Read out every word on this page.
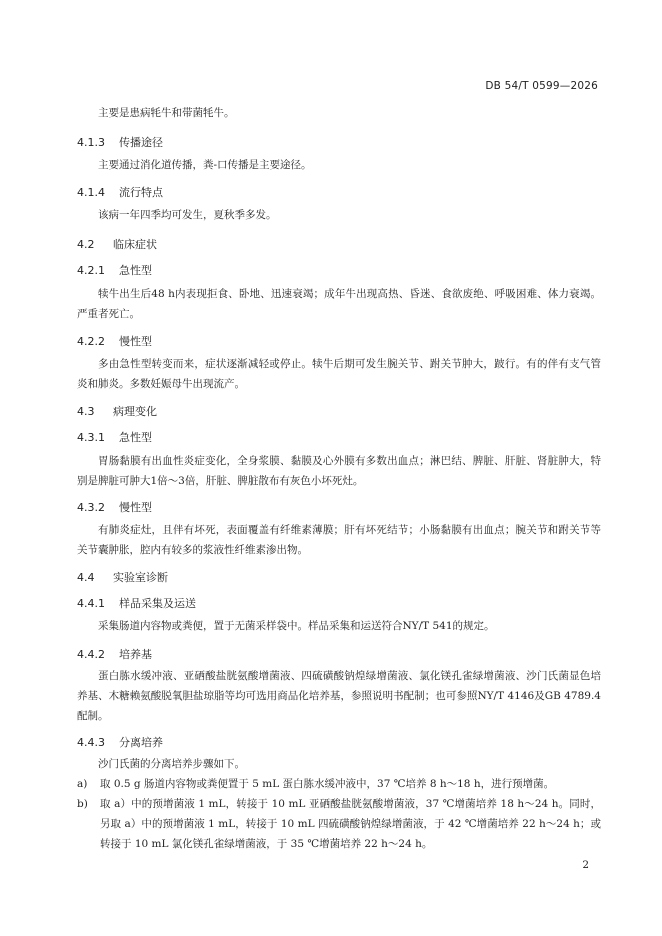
DB 54/T 0599—2026
主要是患病牦牛和带菌牦牛。
4.1.3 传播途径
主要通过消化道传播，粪-口传播是主要途径。
4.1.4 流行特点
该病一年四季均可发生，夏秋季多发。
4.2 临床症状
4.2.1 急性型
犊牛出生后48 h内表现拒食、卧地、迅速衰竭；成年牛出现高热、昏迷、食欲废绝、呼吸困难、体力衰竭。严重者死亡。
4.2.2 慢性型
多由急性型转变而来，症状逐渐减轻或停止。犊牛后期可发生腕关节、跗关节肿大，跛行。有的伴有支气管炎和肺炎。多数妊娠母牛出现流产。
4.3 病理变化
4.3.1 急性型
胃肠黏膜有出血性炎症变化，全身浆膜、黏膜及心外膜有多数出血点；淋巴结、脾脏、肝脏、肾脏肿大，特别是脾脏可肿大1倍～3倍，肝脏、脾脏散布有灰色小坏死灶。
4.3.2 慢性型
有肺炎症灶，且伴有坏死，表面覆盖有纤维素薄膜；肝有坏死结节；小肠黏膜有出血点；腕关节和跗关节等关节囊肿胀，腔内有较多的浆液性纤维素渗出物。
4.4 实验室诊断
4.4.1 样品采集及运送
采集肠道内容物或粪便，置于无菌采样袋中。样品采集和运送符合NY/T 541的规定。
4.4.2 培养基
蛋白胨水缓冲液、亚硒酸盐胱氨酸增菌液、四硫磺酸钠煌绿增菌液、氯化镁孔雀绿增菌液、沙门氏菌显色培养基、木糖赖氨酸脱氧胆盐琼脂等均可选用商品化培养基，参照说明书配制；也可参照NY/T 4146及GB 4789.4配制。
4.4.3 分离培养
沙门氏菌的分离培养步骤如下。
a) 取 0.5 g 肠道内容物或粪便置于 5 mL 蛋白胨水缓冲液中，37 ℃培养 8 h～18 h，进行预增菌。
b) 取 a）中的预增菌液 1 mL，转接于 10 mL 亚硒酸盐胱氨酸增菌液，37 ℃增菌培养 18 h～24 h。同时，另取 a）中的预增菌液 1 mL，转接于 10 mL 四硫磺酸钠煌绿增菌液，于 42 ℃增菌培养 22 h～24 h；或转接于 10 mL 氯化镁孔雀绿增菌液，于 35 ℃增菌培养 22 h～24 h。
2
